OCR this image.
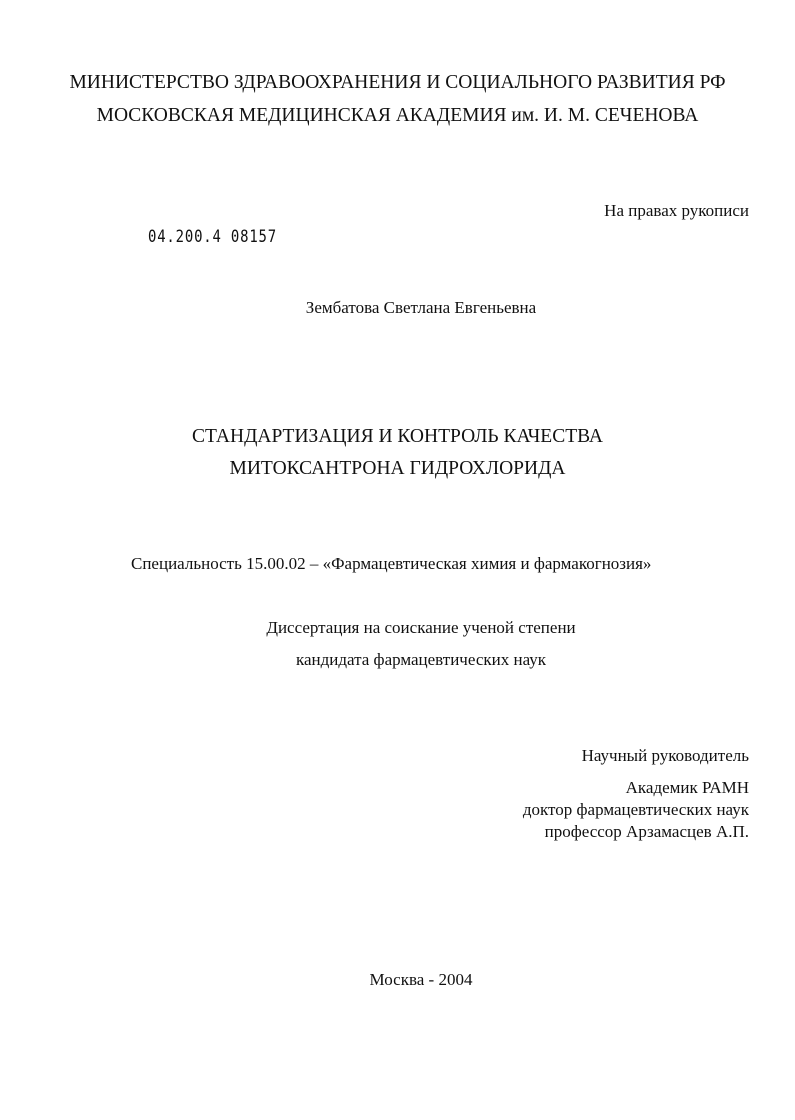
МИНИСТЕРСТВО ЗДРАВООХРАНЕНИЯ И СОЦИАЛЬНОГО РАЗВИТИЯ РФ
МОСКОВСКАЯ МЕДИЦИНСКАЯ АКАДЕМИЯ им. И. М. СЕЧЕНОВА
На правах рукописи
04.200.4 08157
Зембатова Светлана Евгеньевна
СТАНДАРТИЗАЦИЯ И КОНТРОЛЬ КАЧЕСТВА
МИТОКСАНТРОНА ГИДРОХЛОРИДА
Специальность 15.00.02 – «Фармацевтическая химия и фармакогнозия»
Диссертация на соискание ученой степени
кандидата фармацевтических наук
Научный руководитель
Академик РАМН
доктор фармацевтических наук
профессор Арзамасцев А.П.
Москва - 2004
